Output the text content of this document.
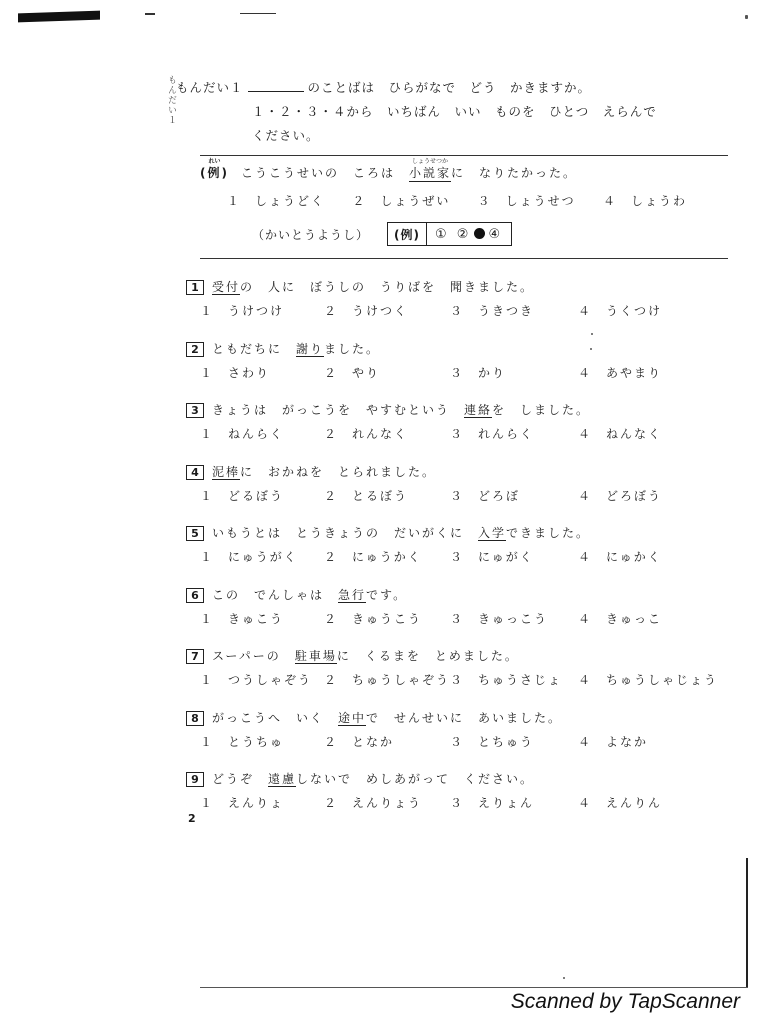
もんだい１ もんだい１	のことばは　ひらがなで　どう　かきますか。
１・２・３・４から　いちばん　いい　ものを　ひとつ　えらんで
ください。
れい
(例) こうこうせいの　ころは　
しょうせつか
小説家に　なりたかった。
１　しょうどく ２　しょうぜい ３　しょうせつ ４　しょうわ
（かいとうようし）	(例)	① ② ④
1 受付の　人に　ぼうしの　うりばを　聞きました。
１　うけつけ	２　うけつく	３　うきつき	４　うくつけ
2 ともだちに　謝りました。
１　さわり	２　やり	３　かり	４　あやまり
3 きょうは　がっこうを　やすむという　連絡を　しました。
１　ねんらく	２　れんなく	３　れんらく	４　ねんなく
4 泥棒に　おかねを　とられました。
１　どるぼう	２　とるぼう	３　どろぼ	４　どろぼう
5 いもうとは　とうきょうの　だいがくに　入学できました。
１　にゅうがく ２　にゅうかく ３　にゅがく	４　にゅかく
6 この　でんしゃは　急行です。
１　きゅこう	２　きゅうこう ３　きゅっこう ４　きゅっこ
7 スーパーの　駐車場に　くるまを　とめました。
１　つうしゃぞう ２　ちゅうしゃぞう ３　ちゅうさじょ ４　ちゅうしゃじょう
8 がっこうへ　いく　途中で　せんせいに　あいました。
１　とうちゅ	２　となか	３　とちゅう	４　よなか
9 どうぞ　遠慮しないで　めしあがって　ください。
１　えんりょ	２　えんりょう ３　えりょん	４　えんりん
2
Scanned by TapScanner
